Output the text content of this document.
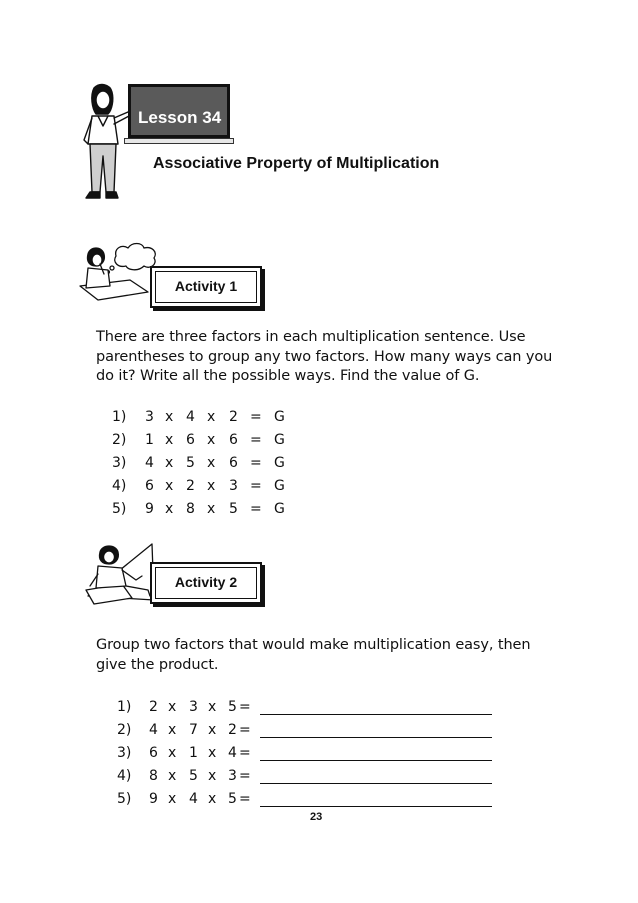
Lesson 34
Associative Property of Multiplication
Activity 1
There are three factors in each multiplication sentence. Use parentheses to group any two factors. How many ways can you do it? Write all the possible ways. Find the value of G.
1) 3 x 4 x 2 = G
2) 1 x 6 x 6 = G
3) 4 x 5 x 6 = G
4) 6 x 2 x 3 = G
5) 9 x 8 x 5 = G
Activity 2
Group two factors that would make multiplication easy, then give the product.
1) 2 x 3 x 5 =
2) 4 x 7 x 2 =
3) 6 x 1 x 4 =
4) 8 x 5 x 3 =
5) 9 x 4 x 5 =
23
